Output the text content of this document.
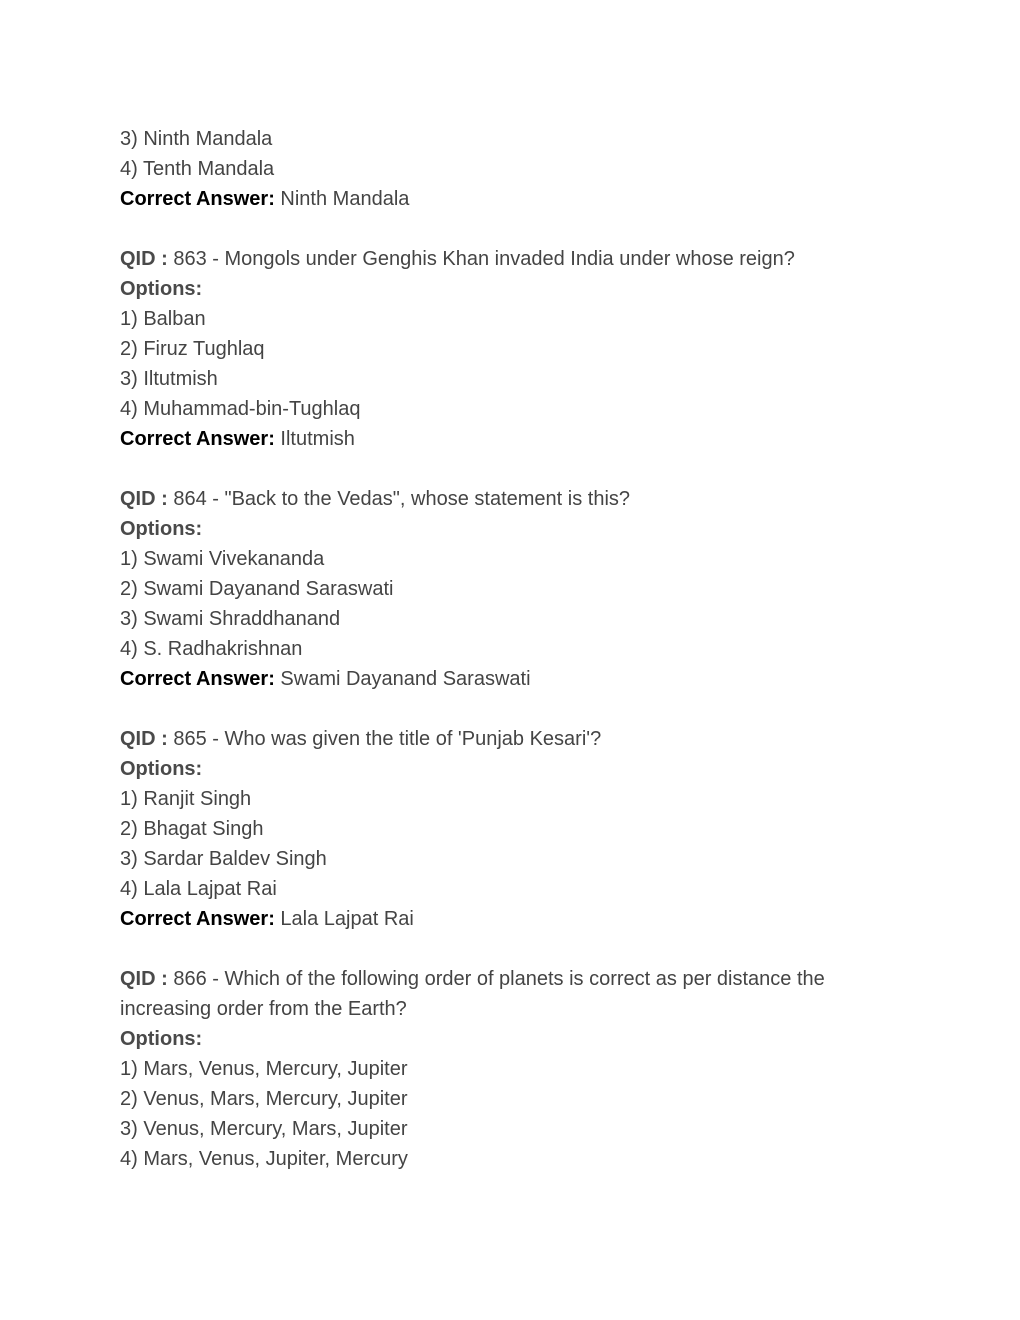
3) Ninth Mandala
4) Tenth Mandala
Correct Answer: Ninth Mandala
QID : 863 - Mongols under Genghis Khan invaded India under whose reign?
Options:
1) Balban
2) Firuz Tughlaq
3) Iltutmish
4) Muhammad-bin-Tughlaq
Correct Answer: Iltutmish
QID : 864 - "Back to the Vedas", whose statement is this?
Options:
1) Swami Vivekananda
2) Swami Dayanand Saraswati
3) Swami Shraddhanand
4) S. Radhakrishnan
Correct Answer: Swami Dayanand Saraswati
QID : 865 - Who was given the title of 'Punjab Kesari'?
Options:
1) Ranjit Singh
2) Bhagat Singh
3) Sardar Baldev Singh
4) Lala Lajpat Rai
Correct Answer: Lala Lajpat Rai
QID : 866 - Which of the following order of planets is correct as per distance the increasing order from the Earth?
Options:
1) Mars, Venus, Mercury, Jupiter
2) Venus, Mars, Mercury, Jupiter
3) Venus, Mercury, Mars, Jupiter
4) Mars, Venus, Jupiter, Mercury
